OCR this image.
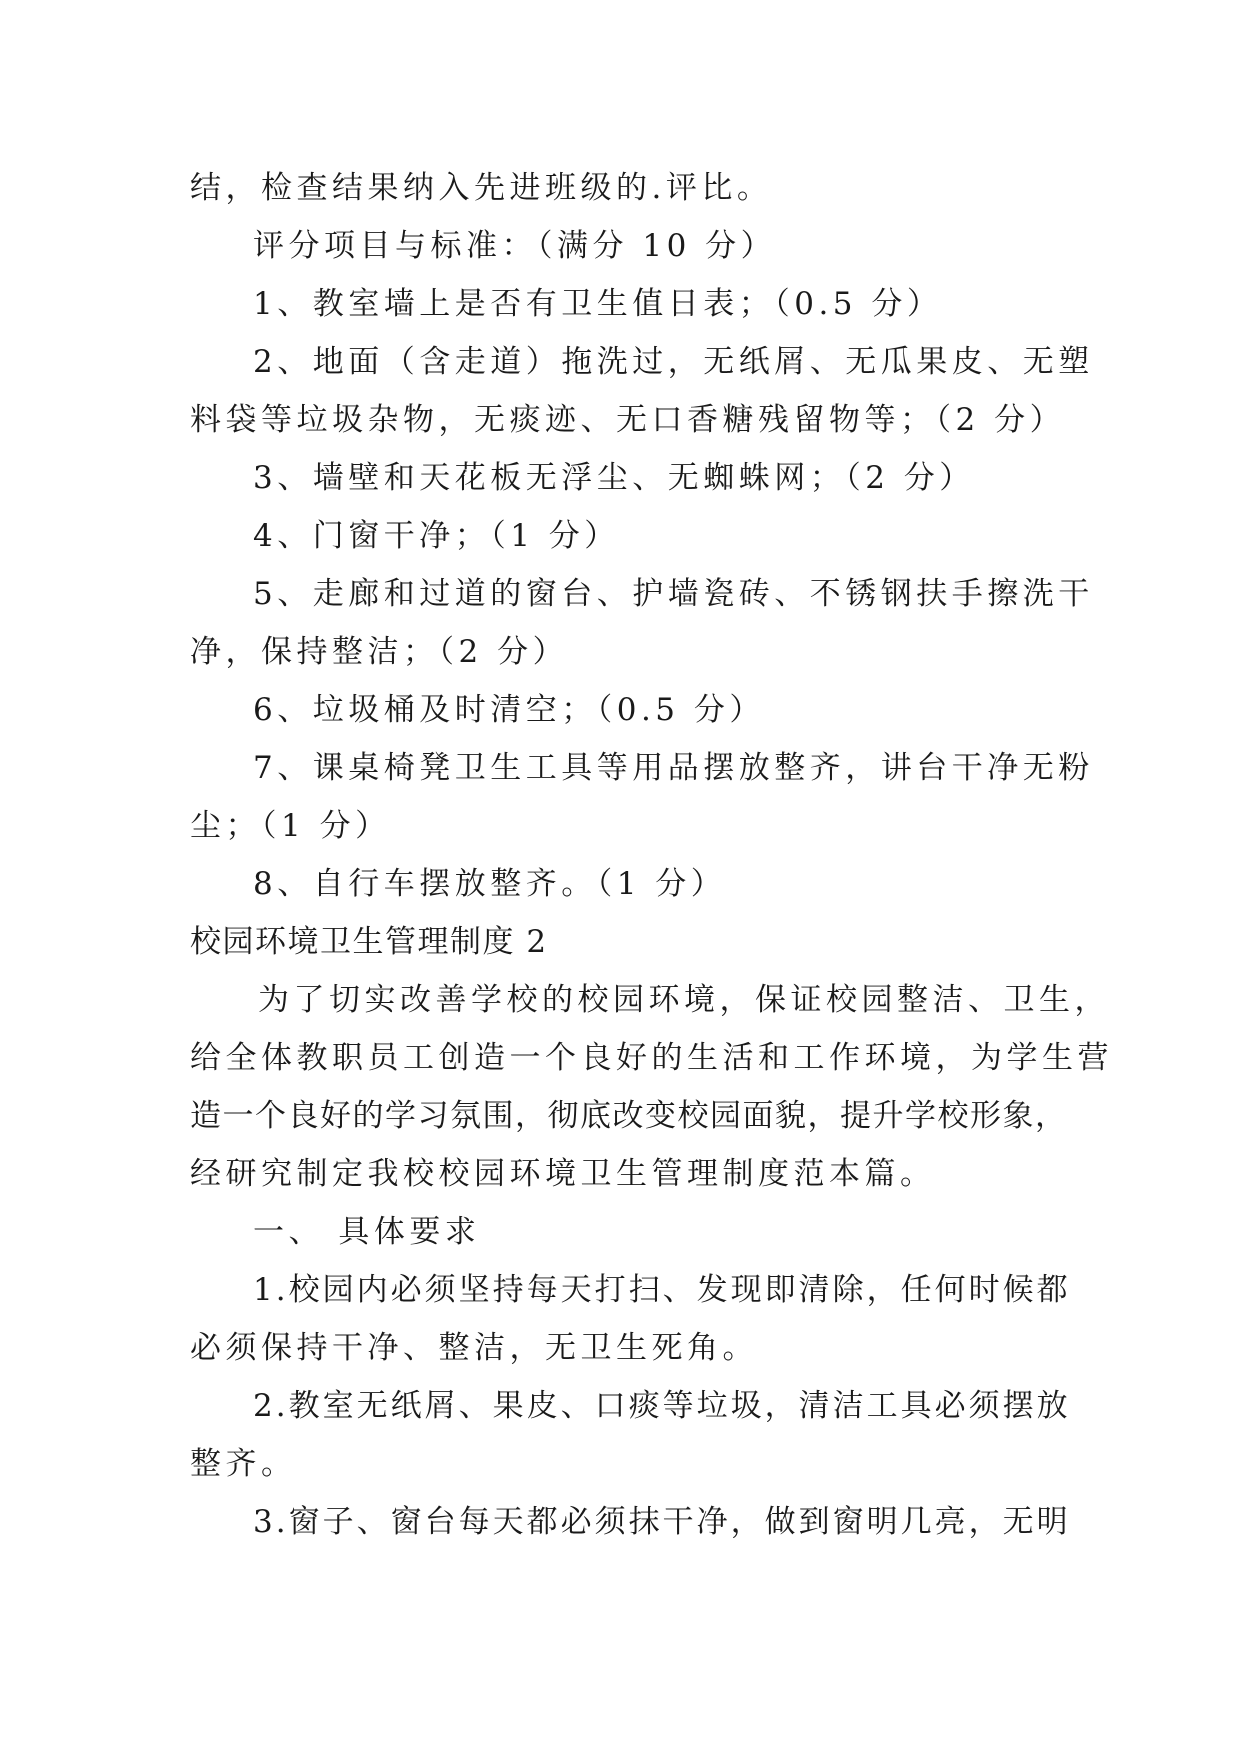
结，检查结果纳入先进班级的.评比。

评分项目与标准：（满分 10 分）

1、教室墙上是否有卫生值日表；（0.5 分）

2、地面（含走道）拖洗过，无纸屑、无瓜果皮、无塑

料袋等垃圾杂物，无痰迹、无口香糖残留物等；（2 分）

3、墙壁和天花板无浮尘、无蜘蛛网；（2 分）

4、门窗干净；（1 分）

5、走廊和过道的窗台、护墙瓷砖、不锈钢扶手擦洗干

净，保持整洁；（2 分）

6、垃圾桶及时清空；（0.5 分）

7、课桌椅凳卫生工具等用品摆放整齐，讲台干净无粉

尘；（1 分）

8、自行车摆放整齐。（1 分）

校园环境卫生管理制度 2

为了切实改善学校的校园环境，保证校园整洁、卫生，

给全体教职员工创造一个良好的生活和工作环境，为学生营

造一个良好的学习氛围，彻底改变校园面貌，提升学校形象，

经研究制定我校校园环境卫生管理制度范本篇。

一、 具体要求

1.校园内必须坚持每天打扫、发现即清除，任何时候都

必须保持干净、整洁，无卫生死角。

2.教室无纸屑、果皮、口痰等垃圾，清洁工具必须摆放

整齐。

3.窗子、窗台每天都必须抹干净，做到窗明几亮，无明
